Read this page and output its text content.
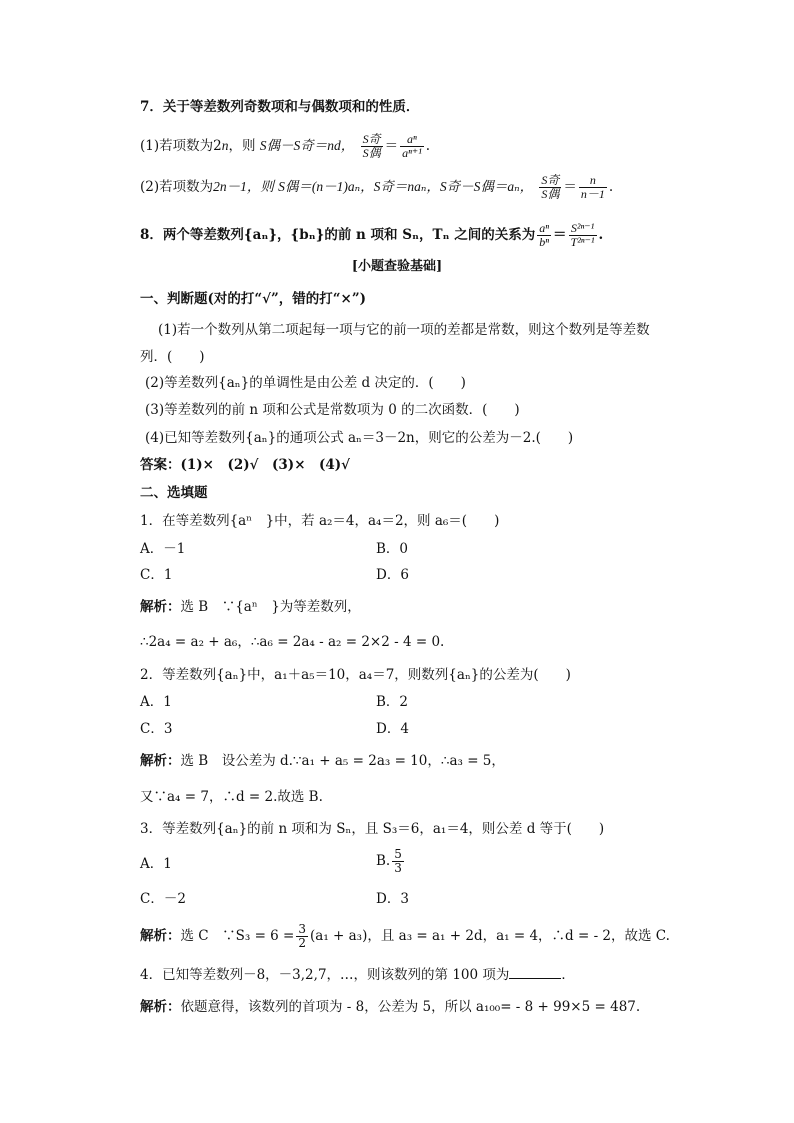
7．关于等差数列奇数项和与偶数项和的性质．
(1)若项数为2n，则 S偶－S奇＝nd， $\frac{\text{S奇}}{\text{S偶}} = \frac{\text{aⁿ}}{\text{aⁿ⁺¹}}$ .
(2)若项数为2n－1，则 S偶＝(n－1)aₙ，S奇＝naₙ，S奇－S偶＝aₙ， $\frac{\text{S奇}}{\text{S偶}} = \frac{n}{n-1}$ .
8．两个等差数列{aₙ}，{bₙ}的前 n 项和 Sₙ，Tₙ 之间的关系为 $\frac{\text{aⁿ}}{\text{bⁿ}} = \frac{\text{S²ⁿ⁻¹}}{\text{T²ⁿ⁻¹}}$ .
[小题查验基础]
一、判断题(对的打“√”，错的打“×”)
(1)若一个数列从第二项起每一项与它的前一项的差都是常数，则这个数列是等差数
列．(　　)
(2)等差数列{aₙ}的单调性是由公差 d 决定的．(　　)
(3)等差数列的前 n 项和公式是常数项为 0 的二次函数．(　　)
(4)已知等差数列{aₙ}的通项公式 aₙ＝3－2n，则它的公差为－2.(　　)
答案：(1)×　(2)√　(3)×　(4)√
二、选填题
1．在等差数列{aⁿ　}中，若 a₂＝4，a₄＝2，则 a₆＝(　　)
A．－1	B．0
C．1	D．6
解析：选 B　∵{aⁿ　}为等差数列，
∴2a₄ = a₂ + a₆，∴a₆ = 2a₄ - a₂ = 2×2 - 4 = 0.
2．等差数列{aₙ}中，a₁＋a₅＝10，a₄＝7，则数列{aₙ}的公差为(　　)
A．1	B．2
C．3	D．4
解析：选 B　设公差为 d.∵a₁ + a₅ = 2a₃ = 10，∴a₃ = 5，
又∵a₄ = 7，∴d = 2.故选 B.
3．等差数列{aₙ}的前 n 项和为 Sₙ，且 S₃＝6，a₁＝4，则公差 d 等于(　　)
A．1	B. $\frac{5}{3}$
C．－2	D．3
解析：选 C　∵S₃ = $6 = \frac{3}{2} (a_1 + a_3)$，且 a₃ = a₁ + 2d，a₁ = 4，∴d = - 2，故选 C.
4．已知等差数列－8，－3,2,7，…，则该数列的第 100 项为	．
解析：依题意得，该数列的首项为 - 8，公差为 5，所以 a₁₀₀= - 8 + 99×5 = 487.
